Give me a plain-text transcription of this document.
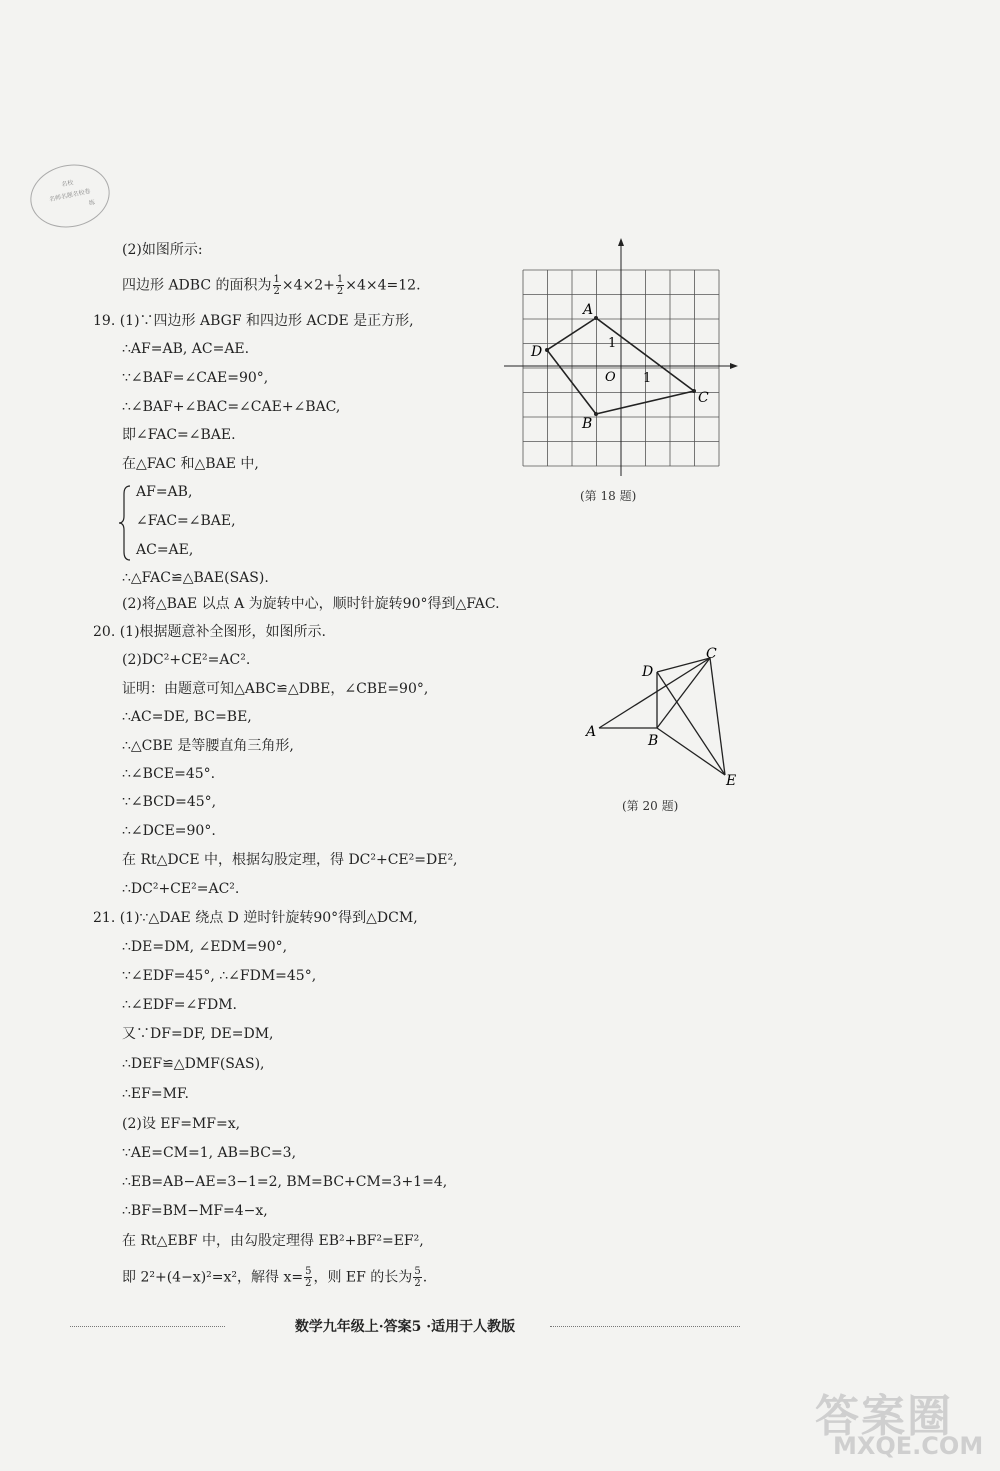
名校
名师名题名校卷
练
(2)如图所示:
四边形 ADBC 的面积为 $\frac{1}{2} \times 4\times 2+ \frac{1}{2} \times 4\times 4=12$.
19. (1)∵四边形 ABGF 和四边形 ACDE 是正方形,
∴AF=AB, AC=AE.
∵∠BAF=∠CAE=90°,
∴∠BAF+∠BAC=∠CAE+∠BAC,
即∠FAC=∠BAE.
在△FAC 和△BAE 中,
AF=AB,
∠FAC=∠BAE,
AC=AE,
∴△FAC≌△BAE(SAS).
(2)将△BAE 以点 A 为旋转中心，顺时针旋转90°得到△FAC.
20. (1)根据题意补全图形，如图所示.
(2)DC²+CE²=AC².
证明：由题意可知△ABC≌△DBE，∠CBE=90°,
∴AC=DE, BC=BE,
∴△CBE 是等腰直角三角形,
∴∠BCE=45°.
∵∠BCD=45°,
∴∠DCE=90°.
在 Rt△DCE 中，根据勾股定理，得 DC²+CE²=DE²,
∴DC²+CE²=AC².
21. (1)∵△DAE 绕点 D 逆时针旋转90°得到△DCM,
∴DE=DM, ∠EDM=90°,
∵∠EDF=45°, ∴∠FDM=45°,
∴∠EDF=∠FDM.
又∵DF=DF, DE=DM,
∴DEF≌△DMF(SAS),
∴EF=MF.
(2)设 EF=MF=x,
∵AE=CM=1, AB=BC=3,
∴EB=AB−AE=3−1=2, BM=BC+CM=3+1=4,
∴BF=BM−MF=4−x,
在 Rt△EBF 中，由勾股定理得 EB²+BF²=EF²,
即 2²+(4−x)²=x²，解得 $x= \frac{5}{2}$ ，则 EF 的长为 $\frac{5}{2}$ .
A
D
B
C
O 1
1
(第 18 题)
A
B
C
D
E
(第 20 题)
数学九年级上·答案5 ·适用于人教版
答案圈
MXQE.COM
